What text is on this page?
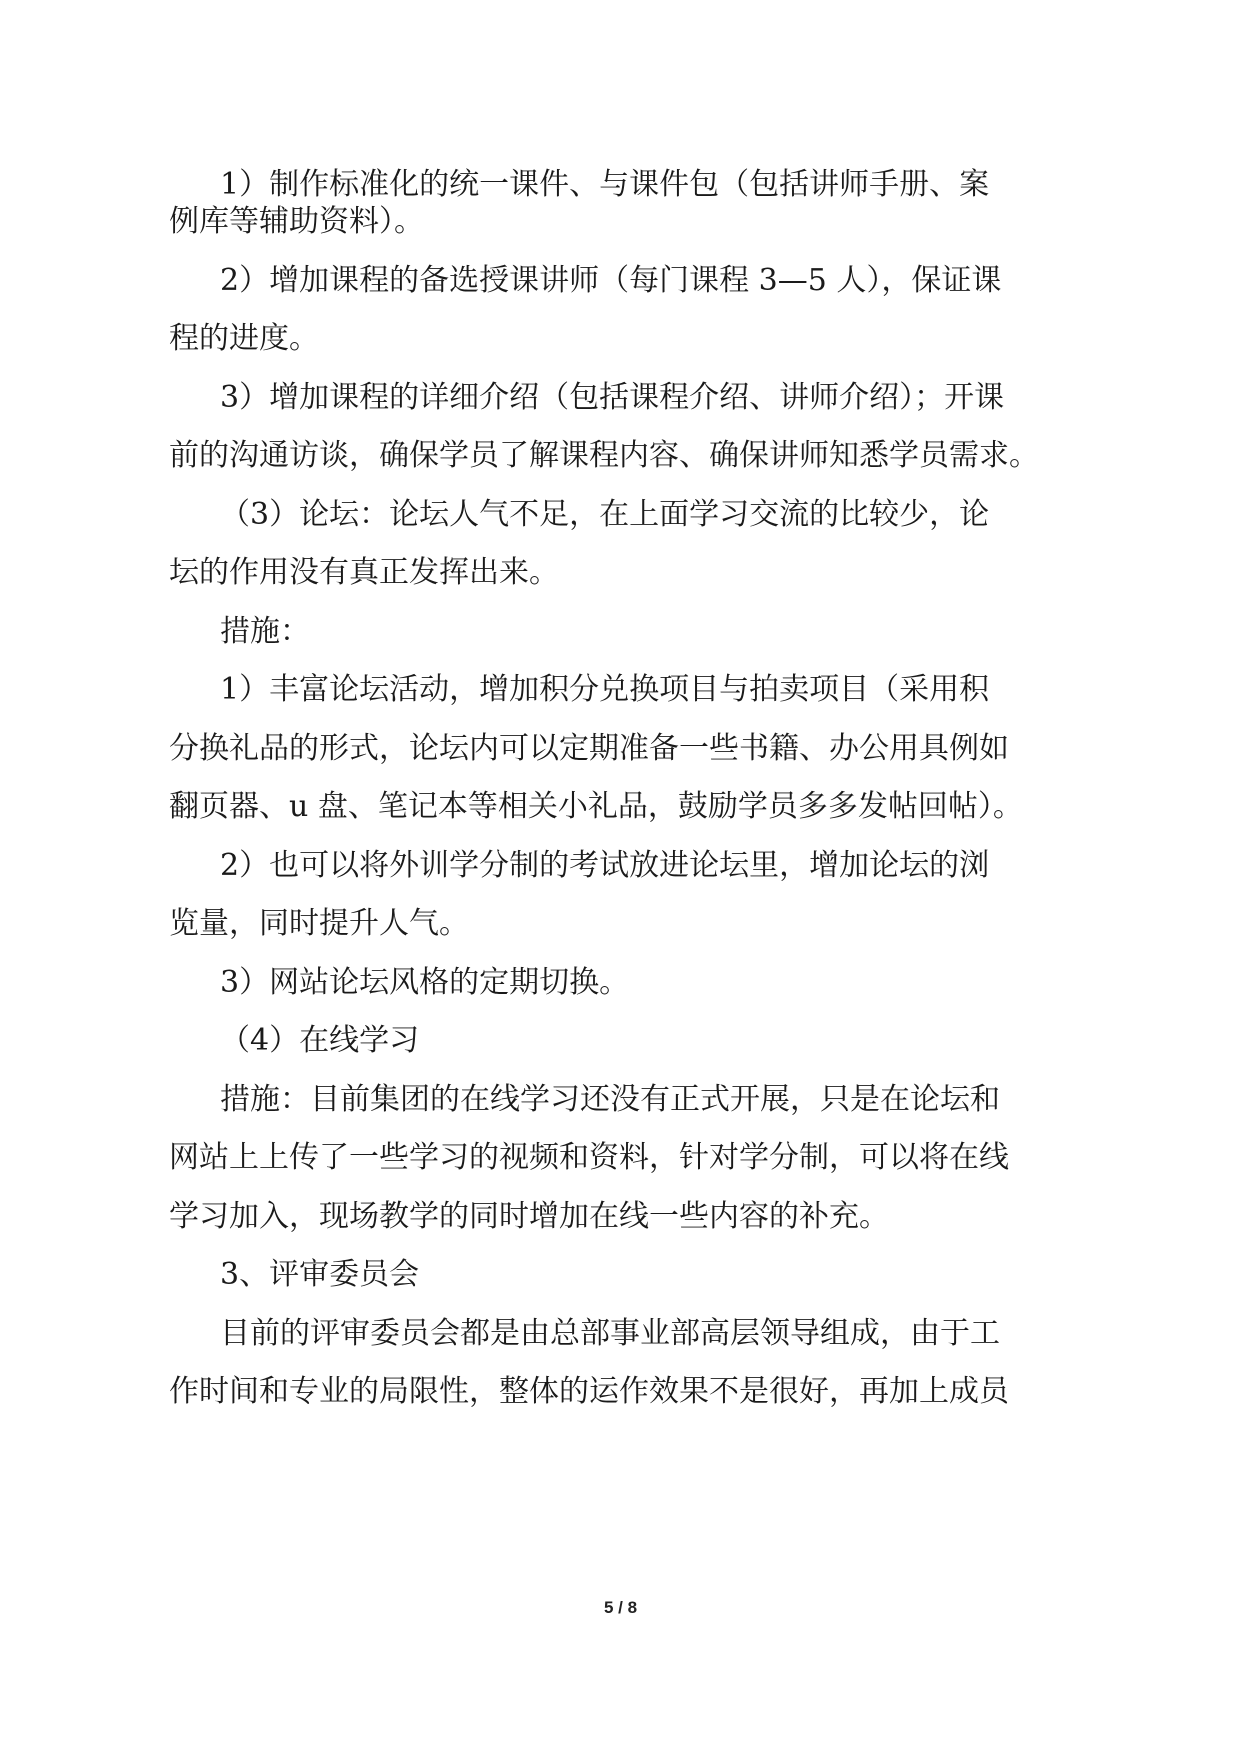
1）制作标准化的统一课件、与课件包（包括讲师手册、案
例库等辅助资料）。
2）增加课程的备选授课讲师（每门课程 3—5 人），保证课
程的进度。
3）增加课程的详细介绍（包括课程介绍、讲师介绍）；开课
前的沟通访谈，确保学员了解课程内容、确保讲师知悉学员需求。
（3）论坛：论坛人气不足，在上面学习交流的比较少，论
坛的作用没有真正发挥出来。
措施：
1）丰富论坛活动，增加积分兑换项目与拍卖项目（采用积
分换礼品的形式，论坛内可以定期准备一些书籍、办公用具例如
翻页器、u 盘、笔记本等相关小礼品，鼓励学员多多发帖回帖）。
2）也可以将外训学分制的考试放进论坛里，增加论坛的浏
览量，同时提升人气。
3）网站论坛风格的定期切换。
（4）在线学习
措施：目前集团的在线学习还没有正式开展，只是在论坛和
网站上上传了一些学习的视频和资料，针对学分制，可以将在线
学习加入，现场教学的同时增加在线一些内容的补充。
3、评审委员会
目前的评审委员会都是由总部事业部高层领导组成，由于工
作时间和专业的局限性，整体的运作效果不是很好，再加上成员
5 / 8
